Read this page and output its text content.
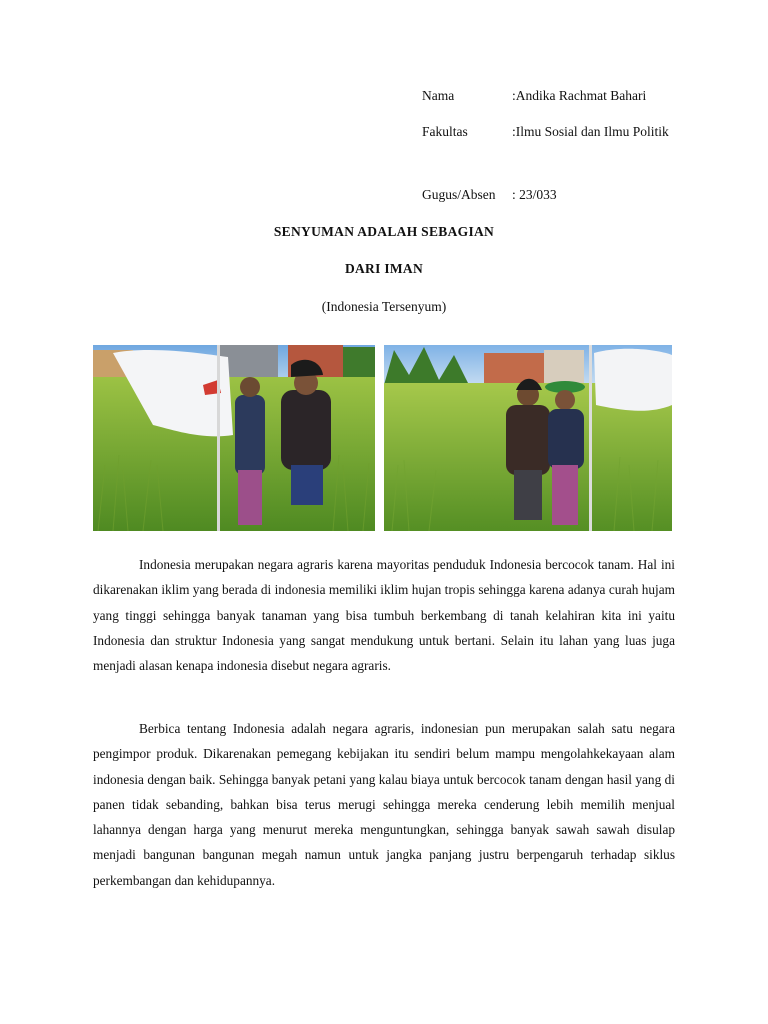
Nama	:Andika Rachmat Bahari
Fakultas	:Ilmu Sosial dan Ilmu Politik
Gugus/Absen : 23/033
SENYUMAN ADALAH SEBAGIAN
DARI IMAN
(Indonesia Tersenyum)

Indonesia merupakan negara agraris karena mayoritas penduduk Indonesia bercocok tanam. Hal ini dikarenakan iklim yang berada di indonesia memiliki iklim hujan tropis sehingga karena adanya curah hujam yang tinggi sehingga banyak tanaman yang bisa tumbuh berkembang di tanah kelahiran kita ini yaitu Indonesia dan struktur Indonesia yang sangat mendukung untuk bertani. Selain itu lahan yang luas juga menjadi alasan kenapa indonesia disebut negara agraris.

Berbica tentang Indonesia adalah negara agraris, indonesian pun merupakan salah satu negara pengimpor produk. Dikarenakan pemegang kebijakan itu sendiri belum mampu mengolahkekayaan alam indonesia dengan baik. Sehingga banyak petani yang kalau biaya untuk bercocok tanam dengan hasil yang di panen tidak sebanding, bahkan bisa terus merugi sehingga mereka cenderung lebih memilih menjual lahannya dengan harga yang menurut mereka menguntungkan, sehingga banyak sawah sawah disulap menjadi bangunan bangunan megah namun untuk jangka panjang justru berpengaruh terhadap siklus perkembangan dan kehidupannya.
